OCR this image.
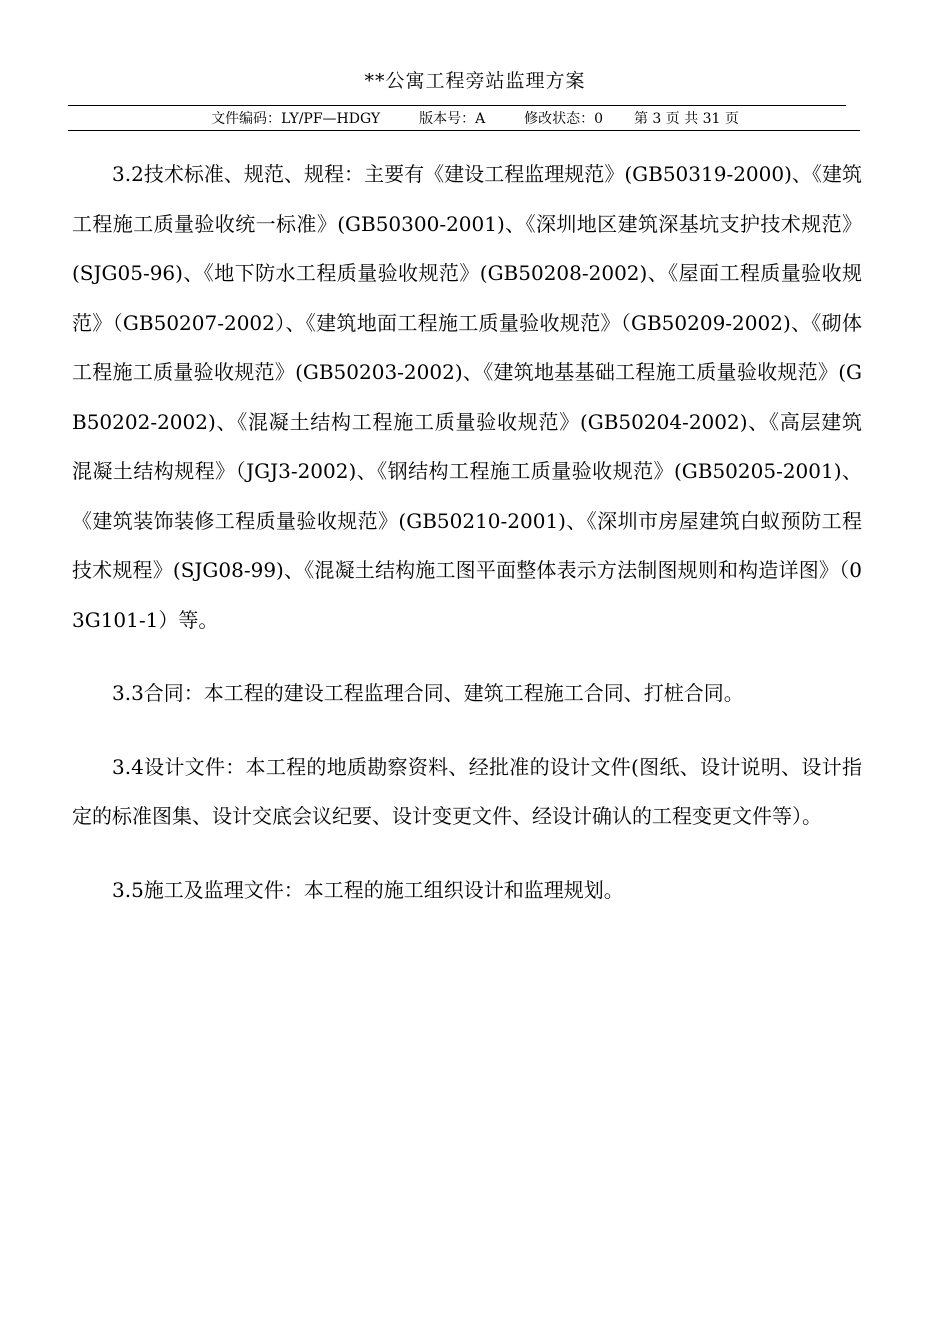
**公寓工程旁站监理方案
文件编码：LY/PF—HDGY	版本号：A	修改状态：0 第 3 页 共 31 页

3.2技术标准、规范、规程：主要有《建设工程监理规范》(GB50319-2000)、《建筑工程施工质量验收统一标准》(GB50300-2001)、《深圳地区建筑深基坑支护技术规范》(SJG05-96)、《地下防水工程质量验收规范》(GB50208-2002)、《屋面工程质量验收规范》（GB50207-2002）、《建筑地面工程施工质量验收规范》（GB50209-2002)、《砌体工程施工质量验收规范》(GB50203-2002)、《建筑地基基础工程施工质量验收规范》(GB50202-2002)、《混凝土结构工程施工质量验收规范》(GB50204-2002)、《高层建筑混凝土结构规程》（JGJ3-2002)、《钢结构工程施工质量验收规范》(GB50205-2001)、《建筑装饰装修工程质量验收规范》(GB50210-2001)、《深圳市房屋建筑白蚁预防工程技术规程》(SJG08-99)、《混凝土结构施工图平面整体表示方法制图规则和构造详图》（03G101-1）等。

3.3合同：本工程的建设工程监理合同、建筑工程施工合同、打桩合同。

3.4设计文件：本工程的地质勘察资料、经批准的设计文件(图纸、设计说明、设计指定的标准图集、设计交底会议纪要、设计变更文件、经设计确认的工程变更文件等）。

3.5施工及监理文件：本工程的施工组织设计和监理规划。
